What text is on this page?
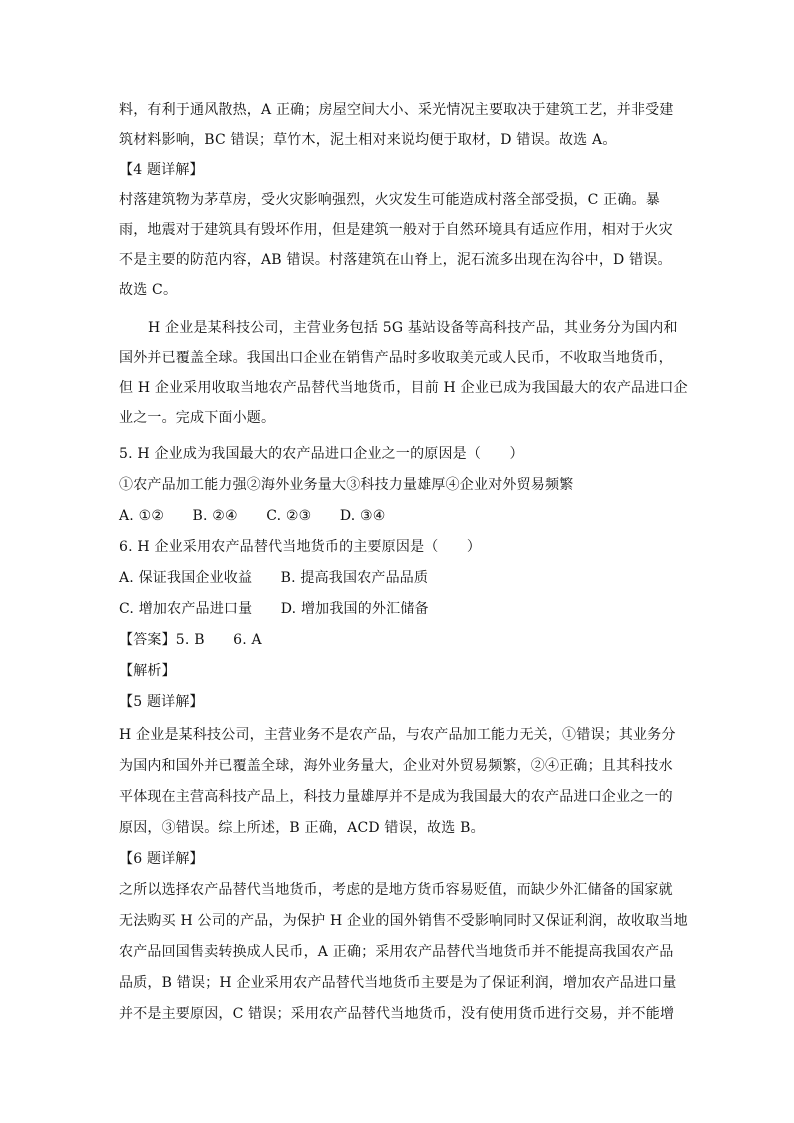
料，有利于通风散热，A 正确；房屋空间大小、采光情况主要取决于建筑工艺，并非受建
筑材料影响，BC 错误；草竹木，泥土相对来说均便于取材，D 错误。故选 A。
【4 题详解】
村落建筑物为茅草房，受火灾影响强烈，火灾发生可能造成村落全部受损，C 正确。暴
雨，地震对于建筑具有毁坏作用，但是建筑一般对于自然环境具有适应作用，相对于火灾
不是主要的防范内容，AB 错误。村落建筑在山脊上，泥石流多出现在沟谷中，D 错误。
故选 C。
H 企业是某科技公司，主营业务包括 5G 基站设备等高科技产品，其业务分为国内和
国外并已覆盖全球。我国出口企业在销售产品时多收取美元或人民币，不收取当地货币，
但 H 企业采用收取当地农产品替代当地货币，目前 H 企业已成为我国最大的农产品进口企
业之一。完成下面小题。
5. H 企业成为我国最大的农产品进口企业之一的原因是（　　）
①农产品加工能力强②海外业务量大③科技力量雄厚④企业对外贸易频繁
A. ①②　　B. ②④　　C. ②③　　D. ③④
6. H 企业采用农产品替代当地货币的主要原因是（　　）
A. 保证我国企业收益　　B. 提高我国农产品品质
C. 增加农产品进口量　　D. 增加我国的外汇储备
【答案】5. B　　6. A
【解析】
【5 题详解】
H 企业是某科技公司，主营业务不是农产品，与农产品加工能力无关，①错误；其业务分
为国内和国外并已覆盖全球，海外业务量大，企业对外贸易频繁，②④正确；且其科技水
平体现在主营高科技产品上，科技力量雄厚并不是成为我国最大的农产品进口企业之一的
原因，③错误。综上所述，B 正确，ACD 错误，故选 B。
【6 题详解】
之所以选择农产品替代当地货币，考虑的是地方货币容易贬值，而缺少外汇储备的国家就
无法购买 H 公司的产品，为保护 H 企业的国外销售不受影响同时又保证利润，故收取当地
农产品回国售卖转换成人民币，A 正确；采用农产品替代当地货币并不能提高我国农产品
品质，B 错误；H 企业采用农产品替代当地货币主要是为了保证利润，增加农产品进口量
并不是主要原因，C 错误；采用农产品替代当地货币，没有使用货币进行交易，并不能增
